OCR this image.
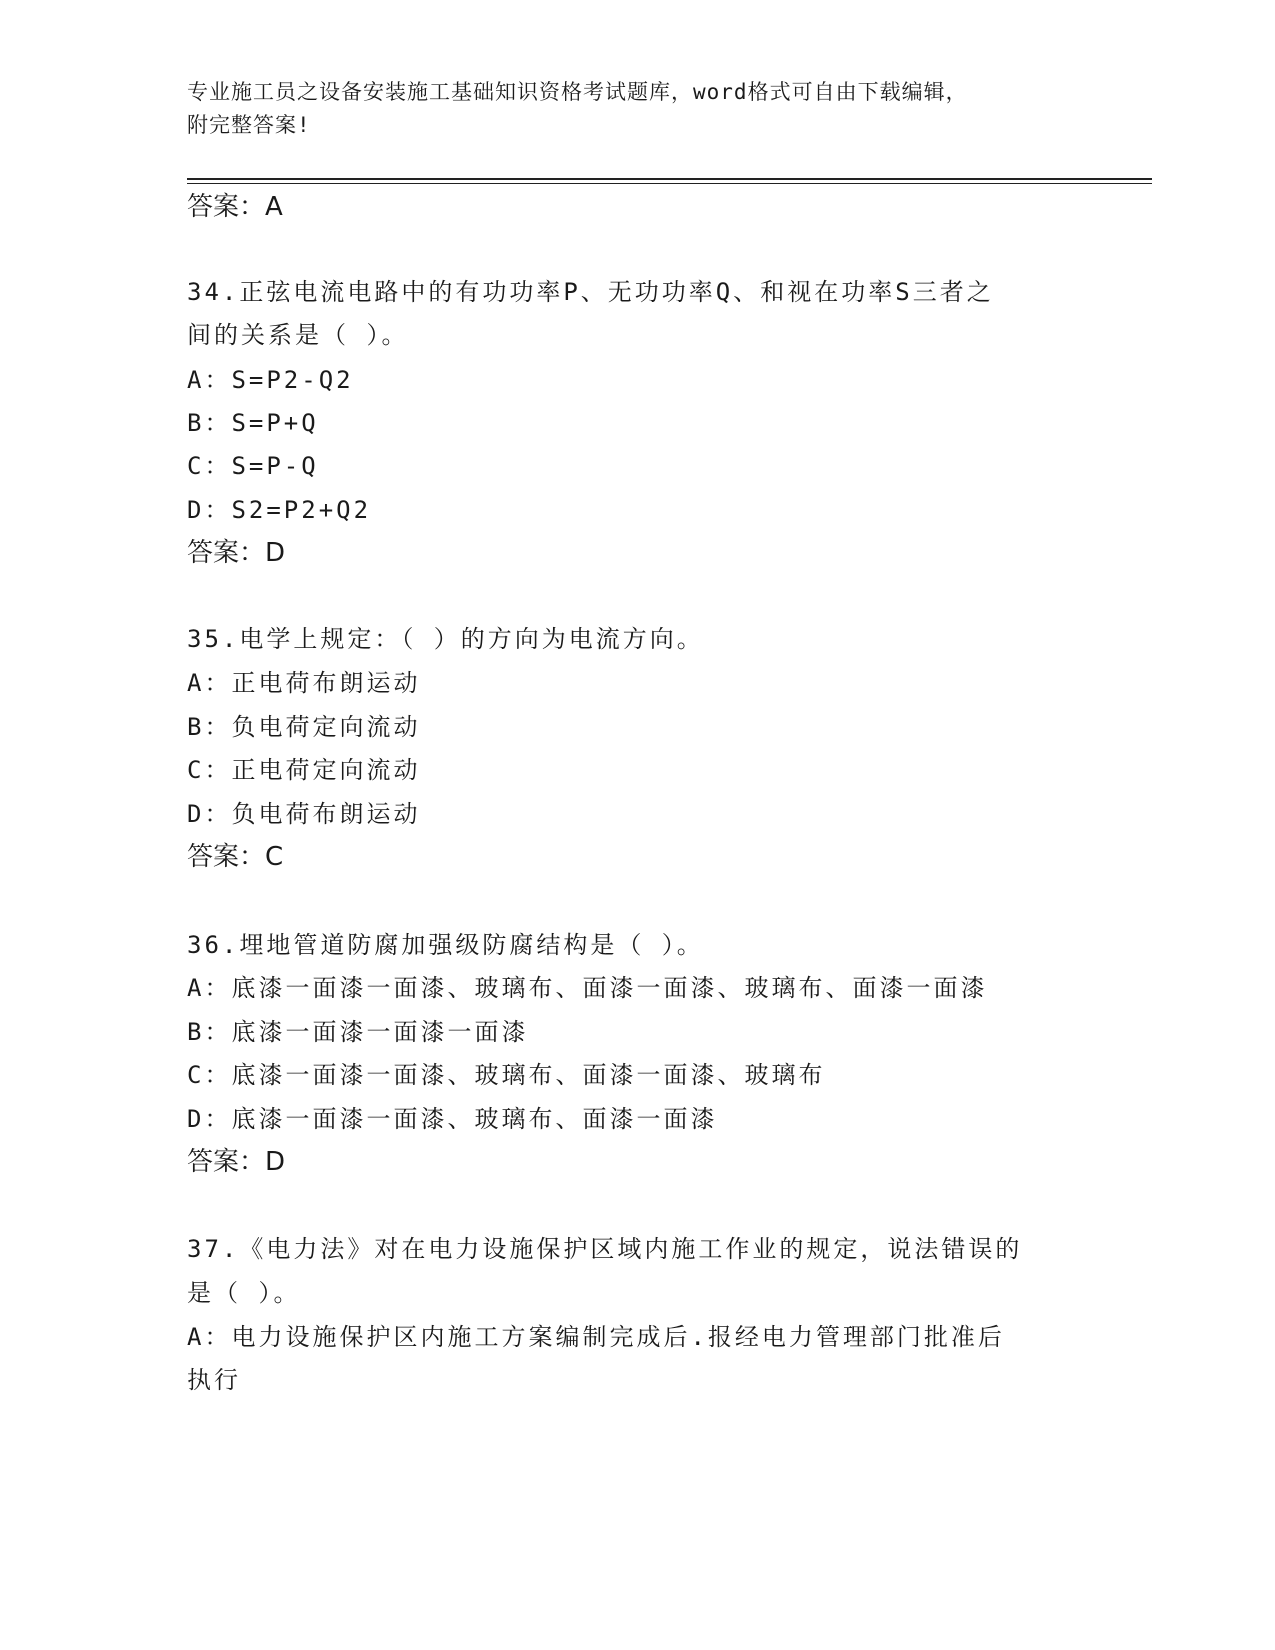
专业施工员之设备安装施工基础知识资格考试题库，word格式可自由下载编辑，
附完整答案!
答案：A
34.正弦电流电路中的有功功率P、无功功率Q、和视在功率S三者之
间的关系是（ ）。
A：S=P2-Q2
B：S=P+Q
C：S=P-Q
D：S2=P2+Q2
答案：D
35.电学上规定：（ ）的方向为电流方向。
A：正电荷布朗运动
B：负电荷定向流动
C：正电荷定向流动
D：负电荷布朗运动
答案：C
36.埋地管道防腐加强级防腐结构是（ ）。
A：底漆一面漆一面漆、玻璃布、面漆一面漆、玻璃布、面漆一面漆
B：底漆一面漆一面漆一面漆
C：底漆一面漆一面漆、玻璃布、面漆一面漆、玻璃布
D：底漆一面漆一面漆、玻璃布、面漆一面漆
答案：D
37.《电力法》对在电力设施保护区域内施工作业的规定，说法错误的
是（ ）。
A：电力设施保护区内施工方案编制完成后.报经电力管理部门批准后
执行
